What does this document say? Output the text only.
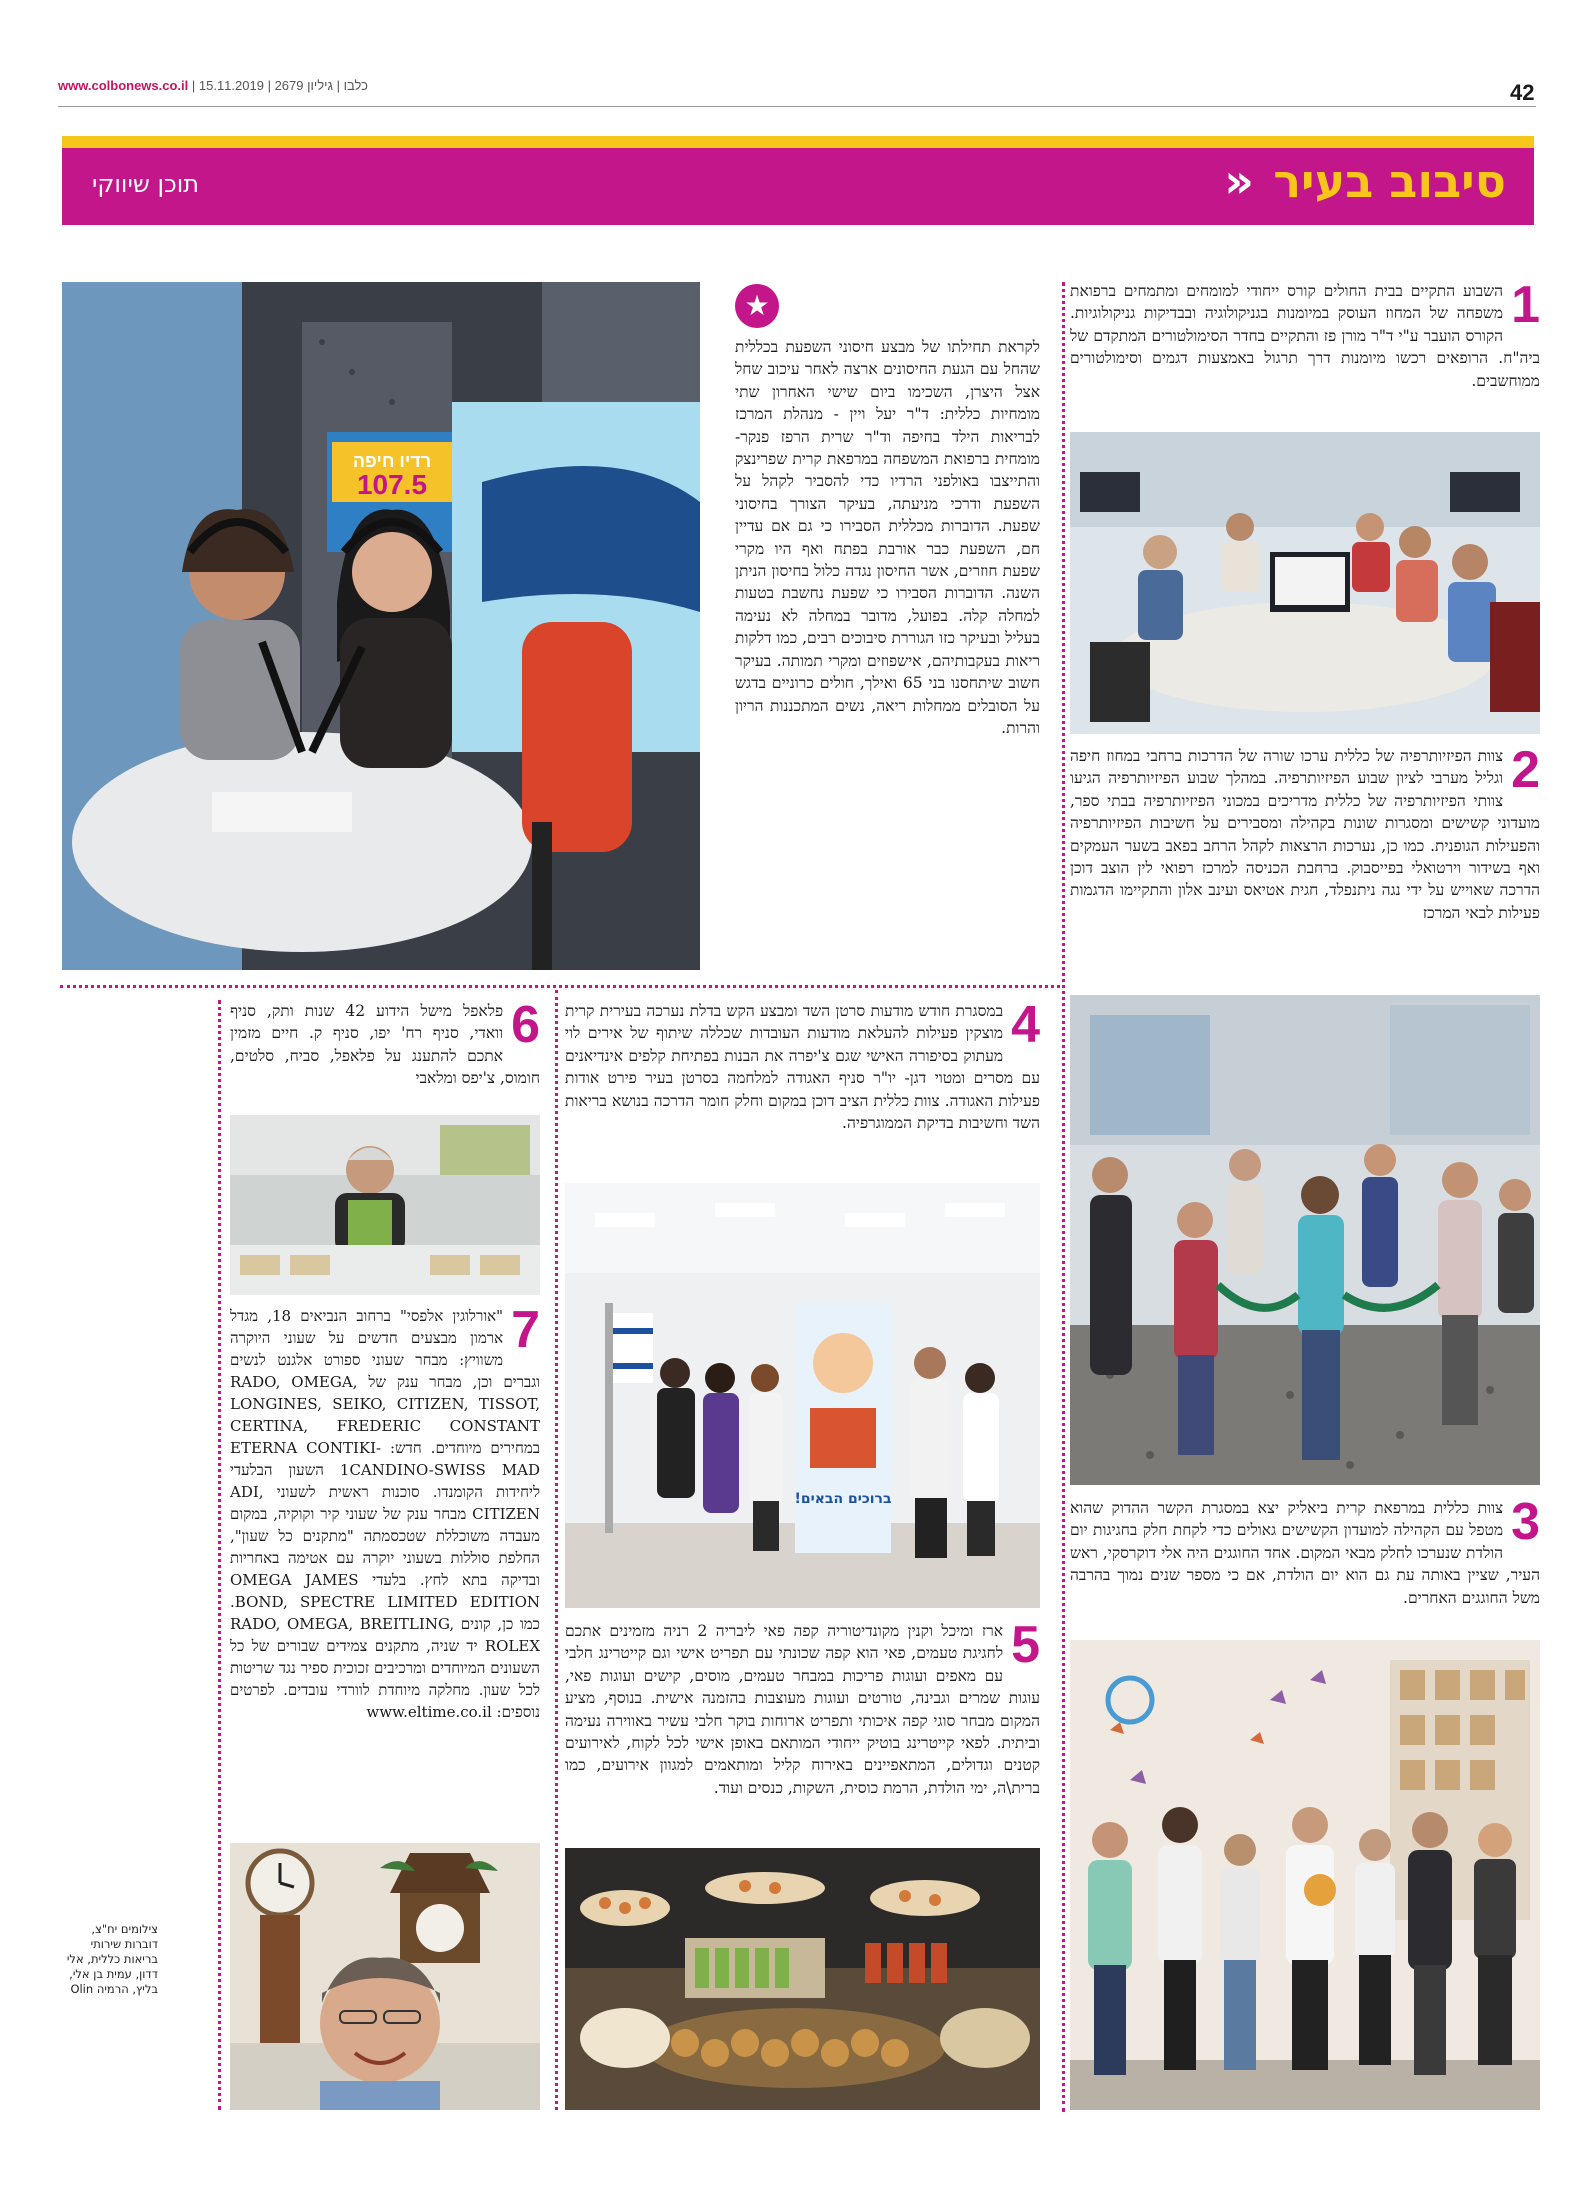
www.colbonews.co.il | כלבו | גיליון 2679 | 15.11.2019	42
סיבוב בעיר
»
תוכן שיווקי
1

השבוע התקיים בבית החולים קורס ייחודי למומחים ומתמחים ברפואת משפחה של המחוז העוסק במיומנות בגניקולוגיה ובבדיקות גניקולוגיות. הקורס הועבר ע"י ד"ר מורן פז והתקיים בחדר הסימולטורים המתקדם של ביה"ח. הרופאים רכשו מיומנות דרך תרגול באמצעות דגמים וסימולטורים ממוחשבים.

2

צוות הפיזיותרפיה של כללית ערכו שורה של הדרכות ברחבי במחוז חיפה וגליל מערבי לציון שבוע הפיזיותרפיה. במהלך שבוע הפיזיותרפיה הגיעו צוותי הפיזיותרפיה של כללית מדריכים במכוני הפיזיותרפיה בבתי ספר, מועדוני קשישים ומסגרות שונות בקהילה ומסבירים על חשיבות הפיזיותרפיה והפעילות הגופנית. כמו כן, נערכות הרצאות לקהל הרחב בפאב בשער העמקים ואף בשידור וירטואלי בפייסבוק. ברחבת הכניסה למרכז רפואי לין הוצב דוכן הדרכה שאוייש על ידי נגה ניתנפלד, חגית אטיאס ועינב אלון והתקיימו הדגמות פעילות לבאי המרכז

3

צוות כללית במרפאת קרית ביאליק יצא במסגרת הקשר ההדוק שהוא מטפל עם הקהילה למועדון הקשישים גאולים כדי לקחת חלק בחגיגות יום הולדת שנערכו לחלק מבאי המקום. אחד החוגגים היה אלי דוקרסקי, ראש העיר, שציין באותה עת גם הוא יום הולדת, אם כי מספר שנים נמוך בהרבה משל החוגגים האחרים.

★

לקראת תחילתו של מבצע חיסוני השפעת בכללית שהחל עם הגעת החיסונים ארצה לאחר עיכוב שחל אצל היצרן, השכימו ביום שישי האחרון שתי מומחיות כללית: ד"ר יעל ויין - מנהלת המרכז לבריאות הילד בחיפה וד"ר שרית הרפז פנקר- מומחית ברפואת המשפחה במרפאת קרית שפרינצק והתייצבו באולפני הרדיו כדי להסביר לקהל על השפעת ודרכי מניעתה, בעיקר הצורך בחיסוני שפעת. הדוברות מכללית הסבירו כי גם אם עדיין חם, השפעת כבר אורבת בפתח ואף היו מקרי שפעת חוזרים, אשר החיסון נגדה כלול בחיסון הניתן השנה. הדוברות הסבירו כי שפעת נחשבת בטעות למחלה קלה. בפועל, מדובר במחלה לא נעימה בעליל ובעיקר כזו הגוררת סיבוכים רבים, כמו דלקות ריאות בעקבותיהם, אישפוזים ומקרי תמותה. בעיקר חשוב שיתחסנו בני 65 ואילך, חולים כרוניים בדגש על הסובלים ממחלות ריאה, נשים המתכננות הריון והרות.

רדיו חיפה
107.5
4

במסגרת חודש מודעות סרטן השד ומבצע הקש בדלת נערכה בעירית קרית מוצקין פעילות להעלאת מודעות העובדות שכללה שיתוף של אירים לוי מעתוק בסיפורה האישי שגם צ'יפרה את הבנות בפתיחת קלפים אינדיאנים עם מסרים ומטוי דגן- יו"ר סניף האגודה למלחמה בסרטן בעיר פירט אודות פעילות האגודה. צוות כללית הציב דוכן במקום וחלק חומר הדרכה בנושא בריאות השד וחשיבות בדיקת הממוגרפיה.

ברוכים הבאים!
5

ארז ומיכל וקנין מקונדיטוריה קפה פאי ליבריה 2 רניה מזמינים אתכם לחגיגת טעמים, פאי הוא קפה שכונתי עם תפריט אישי וגם קייטרינג חלבי עם מאפים ועוגות פריכות במבחר טעמים, מוסים, קישים ועוגות פאי, עוגות שמרים וגבינה, טורטים ועוגות מעוצבות בהזמנה אישית. בנוסף, מציע המקום מבחר סוגי קפה איכותי ותפריט ארוחות בוקר חלבי עשיר באווירה נעימה וביתית. לפאי קייטרינג בוטיק ייחודי המותאם באופן אישי לכל לקוח, לאירועים קטנים וגדולים, המתאפיינים באירוח קליל ומותאמים למגוון אירועים, כמו ברית\ה, ימי הולדת, הרמת כוסית, השקות, כנסים ועוד.

6

פלאפל מישל הידוע 42 שנות ותק, סניף וואדי, סניף רח' יפו, סניף ק. חיים מזמין אתכם להתענג על פלאפל, סביח, סלטים, חומוס, צ'יפס ומלאבי

7

"אורלוגין אלפסי" ברחוב הנביאים 18, מגדל ארמון מבצעים חדשים על שעוני היוקרה משוויץ: מבחר שעוני ספורט אלגנט לנשים וגברים וכן, מבחר ענק של RADO, OMEGA, LONGINES, SEIKO, CITIZEN, TISSOT, CERTINA, FREDERIC CONSTANT במחירים מיוחדים. חדש: ETERNA CONTIKI-1CANDINO-SWISS MAD השעון הבלעדי ליחידות הקומנדו. סוכנות ראשית לשעוני ADI, CITIZEN מבחר ענק של שעוני קיר וקוקיה, במקום מעבדה משוכללת שטכסמתה "מתקנים כל שעון", החלפת סוללות בשעוני יוקרה עם אטימה באחריות ובדיקה בתא לחץ. בלעדי OMEGA JAMES BOND, SPECTRE LIMITED EDITION. כמו כן, קונים RADO, OMEGA, BREITLING, ROLEX יד שניה, מתקנים צמידים שבורים של כל השעונים המיוחדים ומרכיבים זכוכית ספיר נגד שריטות לכל שעון. מחלקה מיוחדת לוורדי עובדים. לפרטים נוספים: www.eltime.co.il

צילומים יח"צ, דוברות שירותי בריאות כללית, אלי דדון, עמית בן אלי, בליץ, הרמיה Olin
